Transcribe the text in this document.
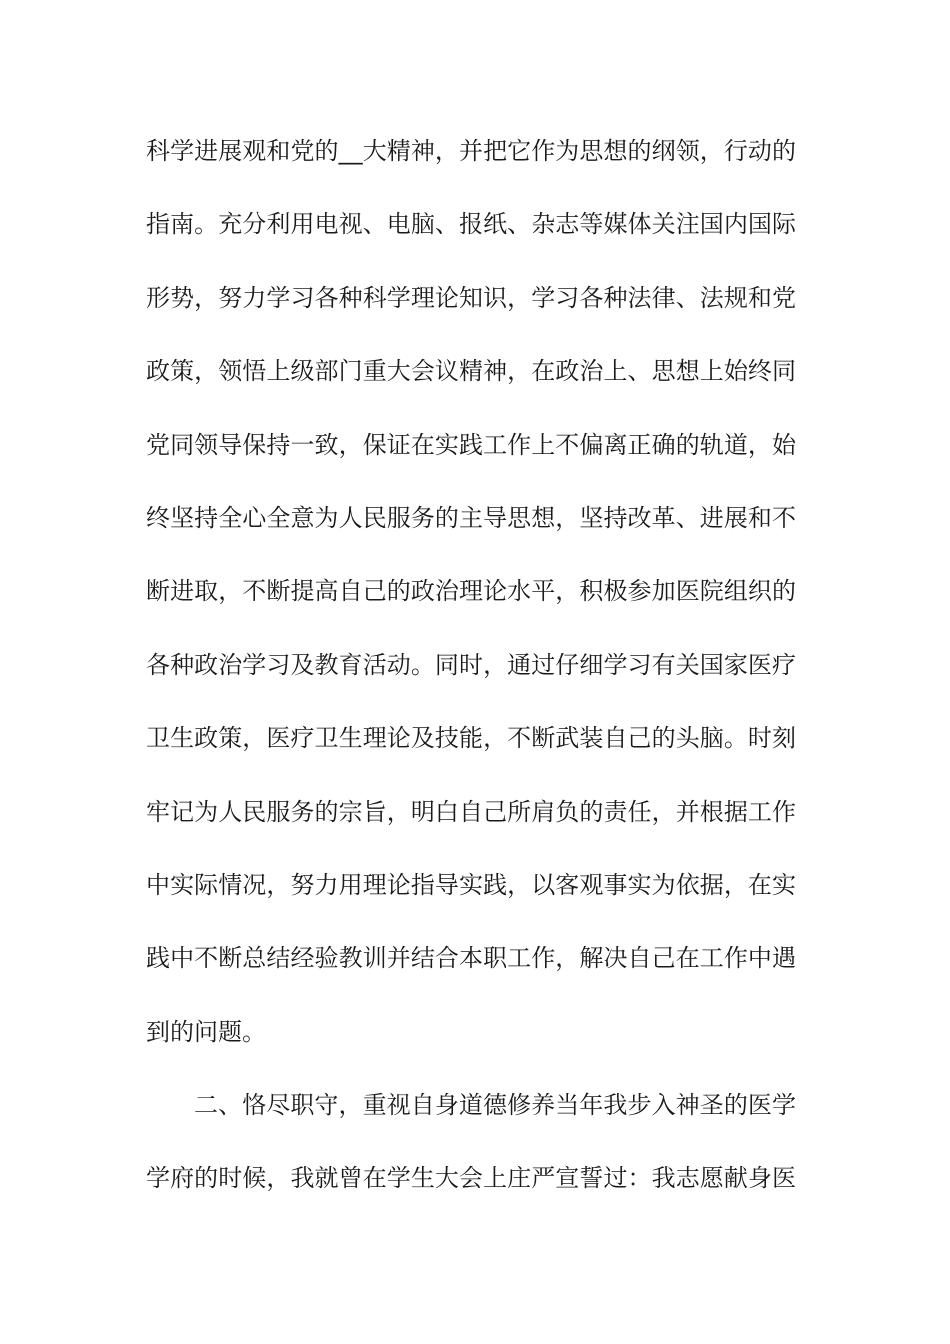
科学进展观和党的__大精神，并把它作为思想的纲领，行动的
指南。充分利用电视、电脑、报纸、杂志等媒体关注国内国际
形势，努力学习各种科学理论知识，学习各种法律、法规和党
政策，领悟上级部门重大会议精神，在政治上、思想上始终同
党同领导保持一致，保证在实践工作上不偏离正确的轨道，始
终坚持全心全意为人民服务的主导思想，坚持改革、进展和不
断进取，不断提高自己的政治理论水平，积极参加医院组织的
各种政治学习及教育活动。同时，通过仔细学习有关国家医疗
卫生政策，医疗卫生理论及技能，不断武装自己的头脑。时刻
牢记为人民服务的宗旨，明白自己所肩负的责任，并根据工作
中实际情况，努力用理论指导实践，以客观事实为依据，在实
践中不断总结经验教训并结合本职工作，解决自己在工作中遇
到的问题。
二、恪尽职守，重视自身道德修养当年我步入神圣的医学
学府的时候，我就曾在学生大会上庄严宣誓过：我志愿献身医
